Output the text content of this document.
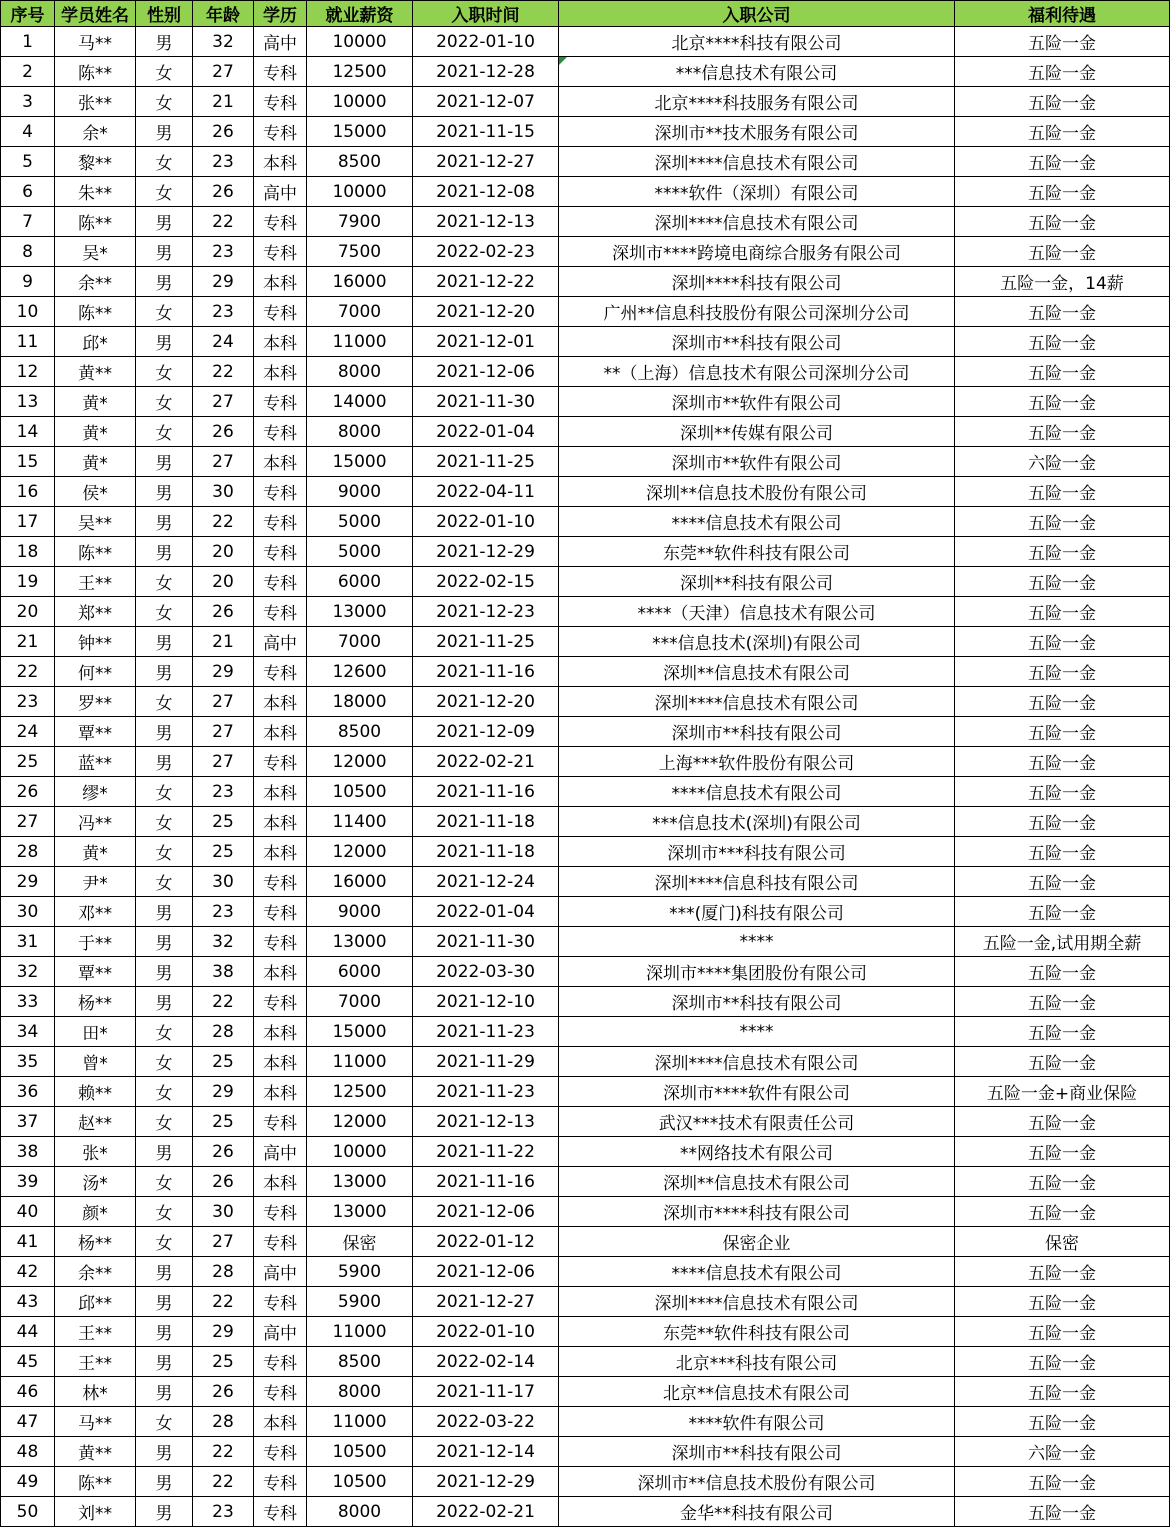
序号	学员姓名	性别	年龄	学历	就业薪资	入职时间	入职公司	福利待遇
1	马**	男	32	高中	10000	2022-01-10	北京****科技有限公司	五险一金
2	陈**	女	27	专科	12500	2021-12-28	***信息技术有限公司	五险一金
3	张**	女	21	专科	10000	2021-12-07	北京****科技服务有限公司	五险一金
4	余*	男	26	专科	15000	2021-11-15	深圳市**技术服务有限公司	五险一金
5	黎**	女	23	本科	8500	2021-12-27	深圳****信息技术有限公司	五险一金
6	朱**	女	26	高中	10000	2021-12-08	****软件（深圳）有限公司	五险一金
7	陈**	男	22	专科	7900	2021-12-13	深圳****信息技术有限公司	五险一金
8	吴*	男	23	专科	7500	2022-02-23	深圳市****跨境电商综合服务有限公司	五险一金
9	余**	男	29	本科	16000	2021-12-22	深圳****科技有限公司	五险一金，14薪
10	陈**	女	23	专科	7000	2021-12-20	广州**信息科技股份有限公司深圳分公司	五险一金
11	邱*	男	24	本科	11000	2021-12-01	深圳市**科技有限公司	五险一金
12	黄**	女	22	本科	8000	2021-12-06	**（上海）信息技术有限公司深圳分公司	五险一金
13	黄*	女	27	专科	14000	2021-11-30	深圳市**软件有限公司	五险一金
14	黄*	女	26	专科	8000	2022-01-04	深圳**传媒有限公司	五险一金
15	黄*	男	27	本科	15000	2021-11-25	深圳市**软件有限公司	六险一金
16	侯*	男	30	专科	9000	2022-04-11	深圳**信息技术股份有限公司	五险一金
17	吴**	男	22	专科	5000	2022-01-10	****信息技术有限公司	五险一金
18	陈**	男	20	专科	5000	2021-12-29	东莞**软件科技有限公司	五险一金
19	王**	女	20	专科	6000	2022-02-15	深圳**科技有限公司	五险一金
20	郑**	女	26	专科	13000	2021-12-23	****（天津）信息技术有限公司	五险一金
21	钟**	男	21	高中	7000	2021-11-25	***信息技术(深圳)有限公司	五险一金
22	何**	男	29	专科	12600	2021-11-16	深圳**信息技术有限公司	五险一金
23	罗**	女	27	本科	18000	2021-12-20	深圳****信息技术有限公司	五险一金
24	覃**	男	27	本科	8500	2021-12-09	深圳市**科技有限公司	五险一金
25	蓝**	男	27	专科	12000	2022-02-21	上海***软件股份有限公司	五险一金
26	缪*	女	23	本科	10500	2021-11-16	****信息技术有限公司	五险一金
27	冯**	女	25	本科	11400	2021-11-18	***信息技术(深圳)有限公司	五险一金
28	黄*	女	25	本科	12000	2021-11-18	深圳市***科技有限公司	五险一金
29	尹*	女	30	专科	16000	2021-12-24	深圳****信息科技有限公司	五险一金
30	邓**	男	23	专科	9000	2022-01-04	***(厦门)科技有限公司	五险一金
31	于**	男	32	专科	13000	2021-11-30	****	五险一金,试用期全薪
32	覃**	男	38	本科	6000	2022-03-30	深圳市****集团股份有限公司	五险一金
33	杨**	男	22	专科	7000	2021-12-10	深圳市**科技有限公司	五险一金
34	田*	女	28	本科	15000	2021-11-23	****	五险一金
35	曾*	女	25	本科	11000	2021-11-29	深圳****信息技术有限公司	五险一金
36	赖**	女	29	本科	12500	2021-11-23	深圳市****软件有限公司	五险一金+商业保险
37	赵**	女	25	专科	12000	2021-12-13	武汉***技术有限责任公司	五险一金
38	张*	男	26	高中	10000	2021-11-22	**网络技术有限公司	五险一金
39	汤*	女	26	本科	13000	2021-11-16	深圳**信息技术有限公司	五险一金
40	颜*	女	30	专科	13000	2021-12-06	深圳市****科技有限公司	五险一金
41	杨**	女	27	专科	保密	2022-01-12	保密企业	保密
42	余**	男	28	高中	5900	2021-12-06	****信息技术有限公司	五险一金
43	邱**	男	22	专科	5900	2021-12-27	深圳****信息技术有限公司	五险一金
44	王**	男	29	高中	11000	2022-01-10	东莞**软件科技有限公司	五险一金
45	王**	男	25	专科	8500	2022-02-14	北京***科技有限公司	五险一金
46	林*	男	26	专科	8000	2021-11-17	北京**信息技术有限公司	五险一金
47	马**	女	28	本科	11000	2022-03-22	****软件有限公司	五险一金
48	黄**	男	22	专科	10500	2021-12-14	深圳市**科技有限公司	六险一金
49	陈**	男	22	专科	10500	2021-12-29	深圳市**信息技术股份有限公司	五险一金
50	刘**	男	23	专科	8000	2022-02-21	金华**科技有限公司	五险一金
